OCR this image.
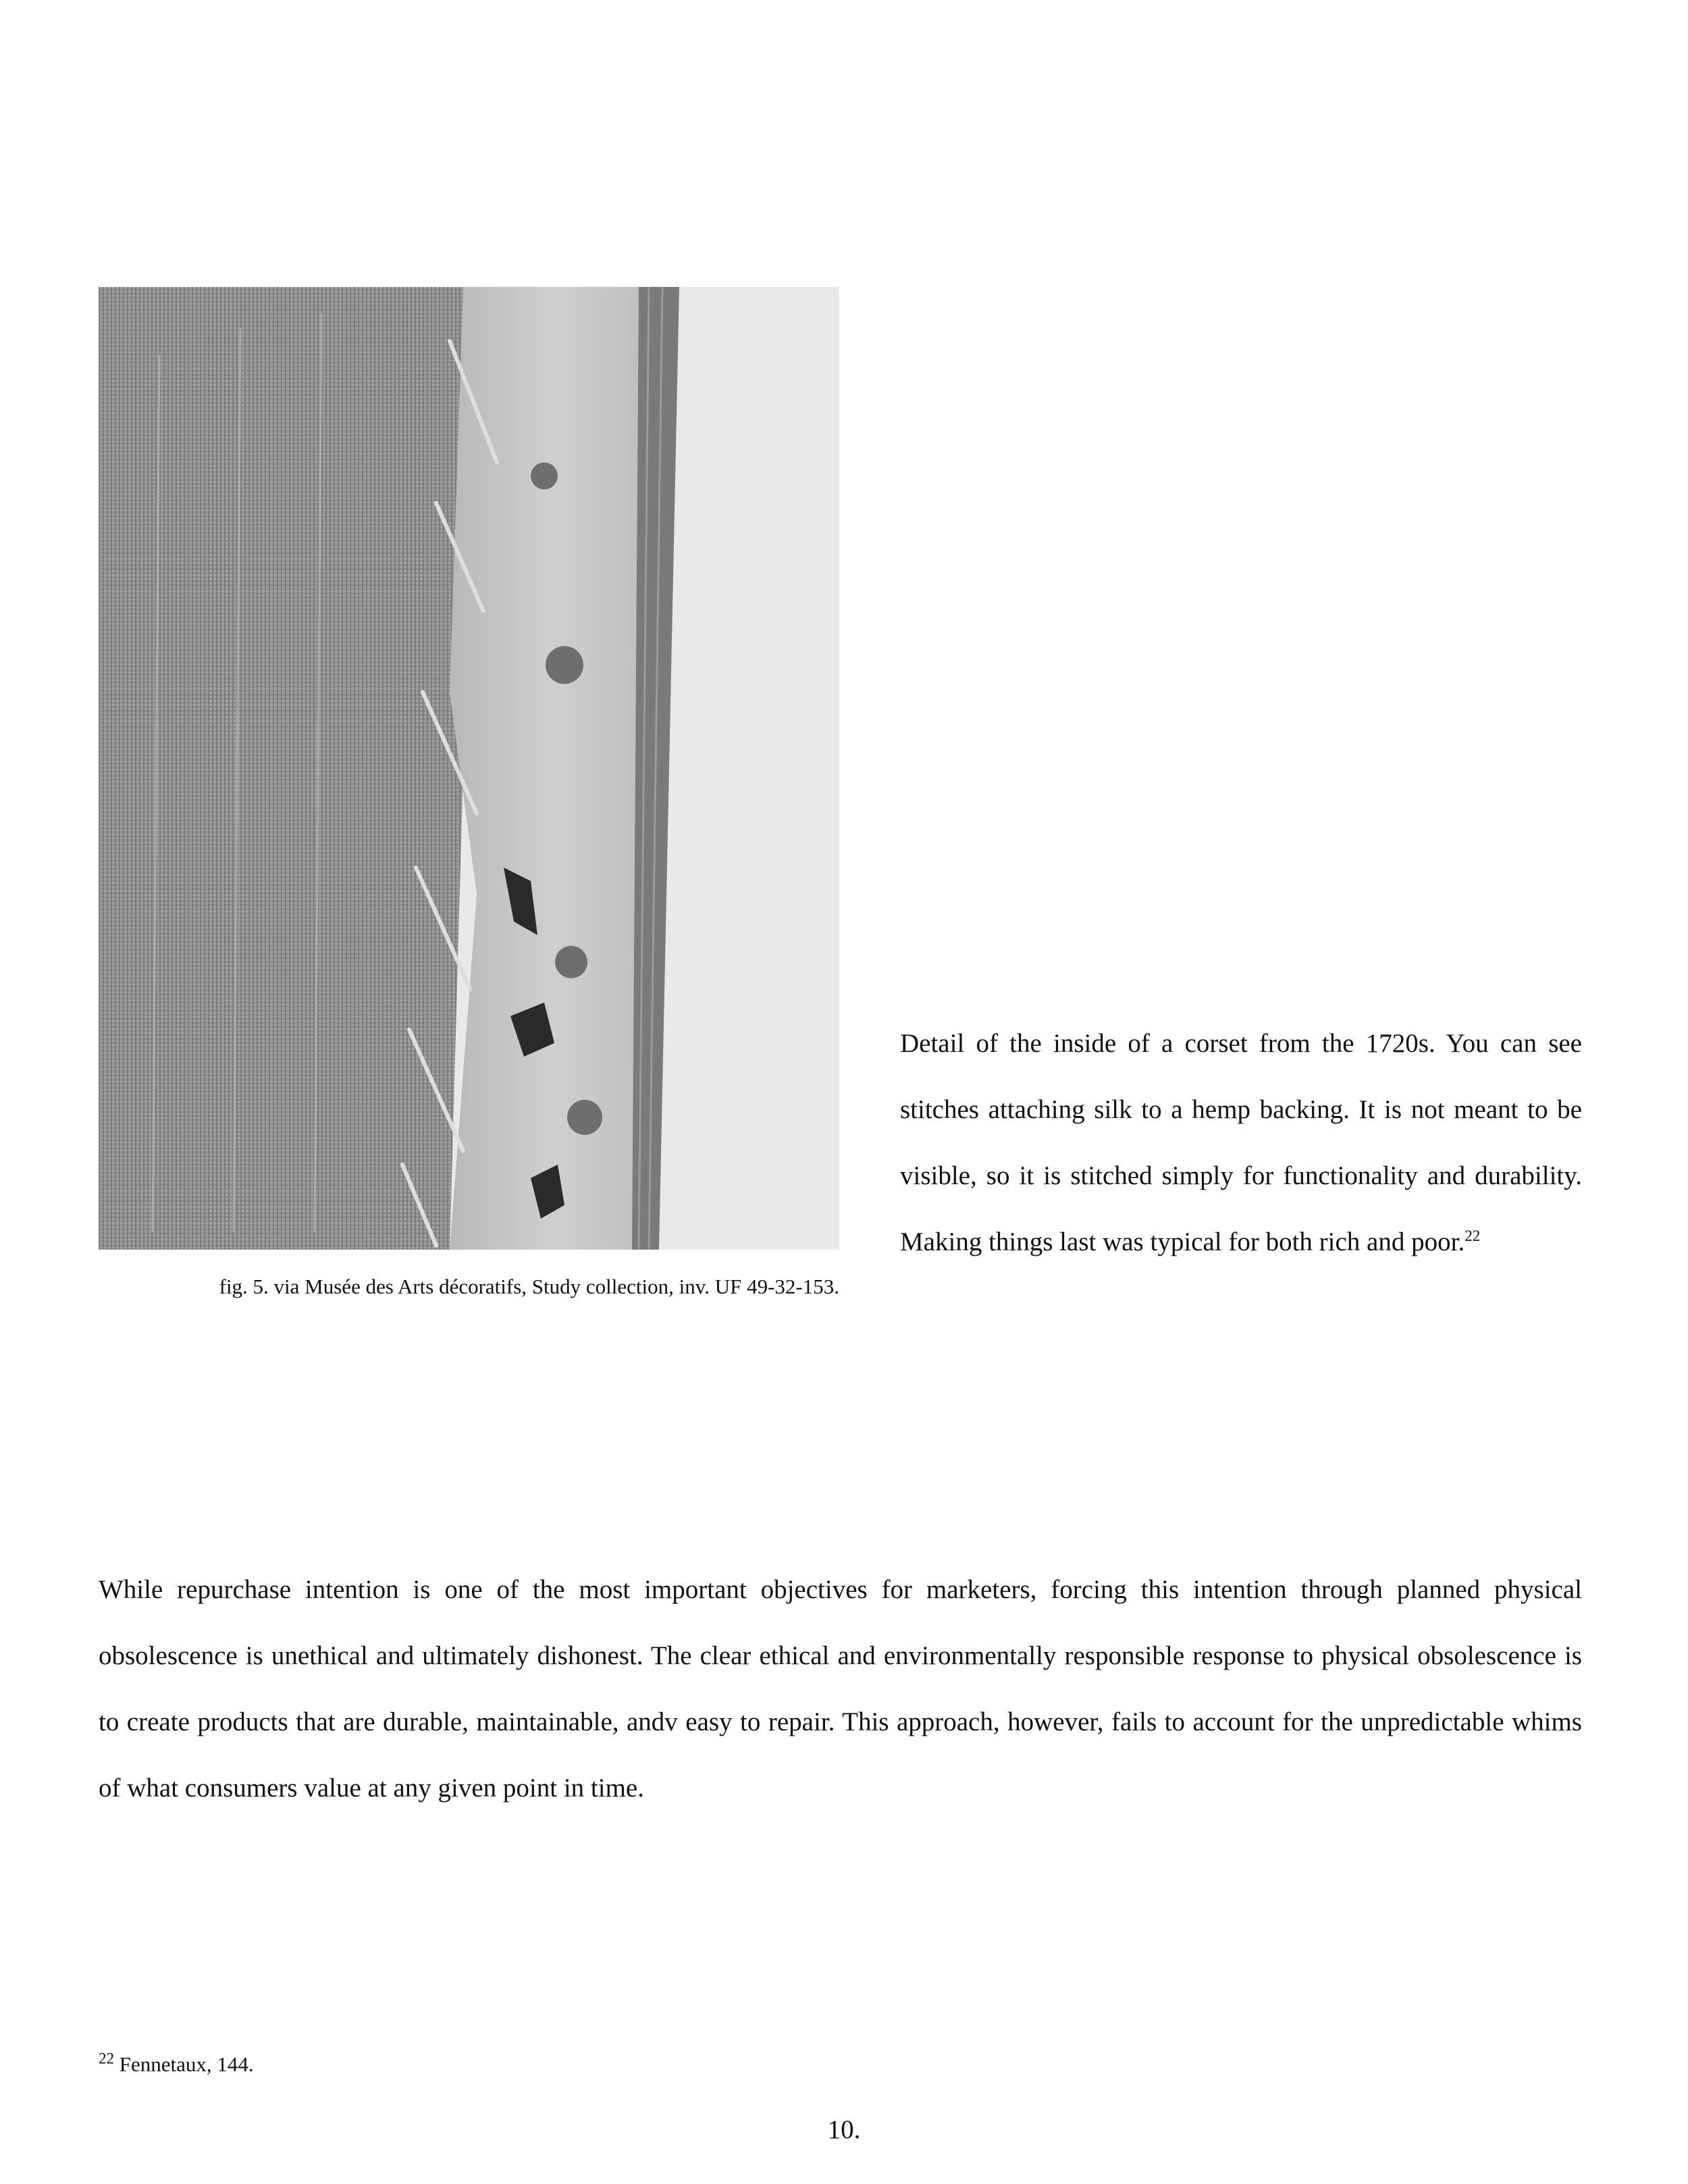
fig. 5. via Musée des Arts décoratifs, Study collection, inv. UF 49-32-153.

Detail of the inside of a corset from the 1720s. You can see stitches attaching silk to a hemp backing. It is not meant to be visible, so it is stitched simply for functionality and durability. Making things last was typical for both rich and poor.$^{22}$

While repurchase intention is one of the most important objectives for marketers, forcing this intention through planned physical obsolescence is unethical and ultimately dishonest. The clear ethical and environmentally responsible response to physical obsolescence is to create products that are durable, maintainable, andv easy to repair. This approach, however, fails to account for the unpredictable whims of what consumers value at any given point in time.

$^{22}$ Fennetaux, 144.
10.
